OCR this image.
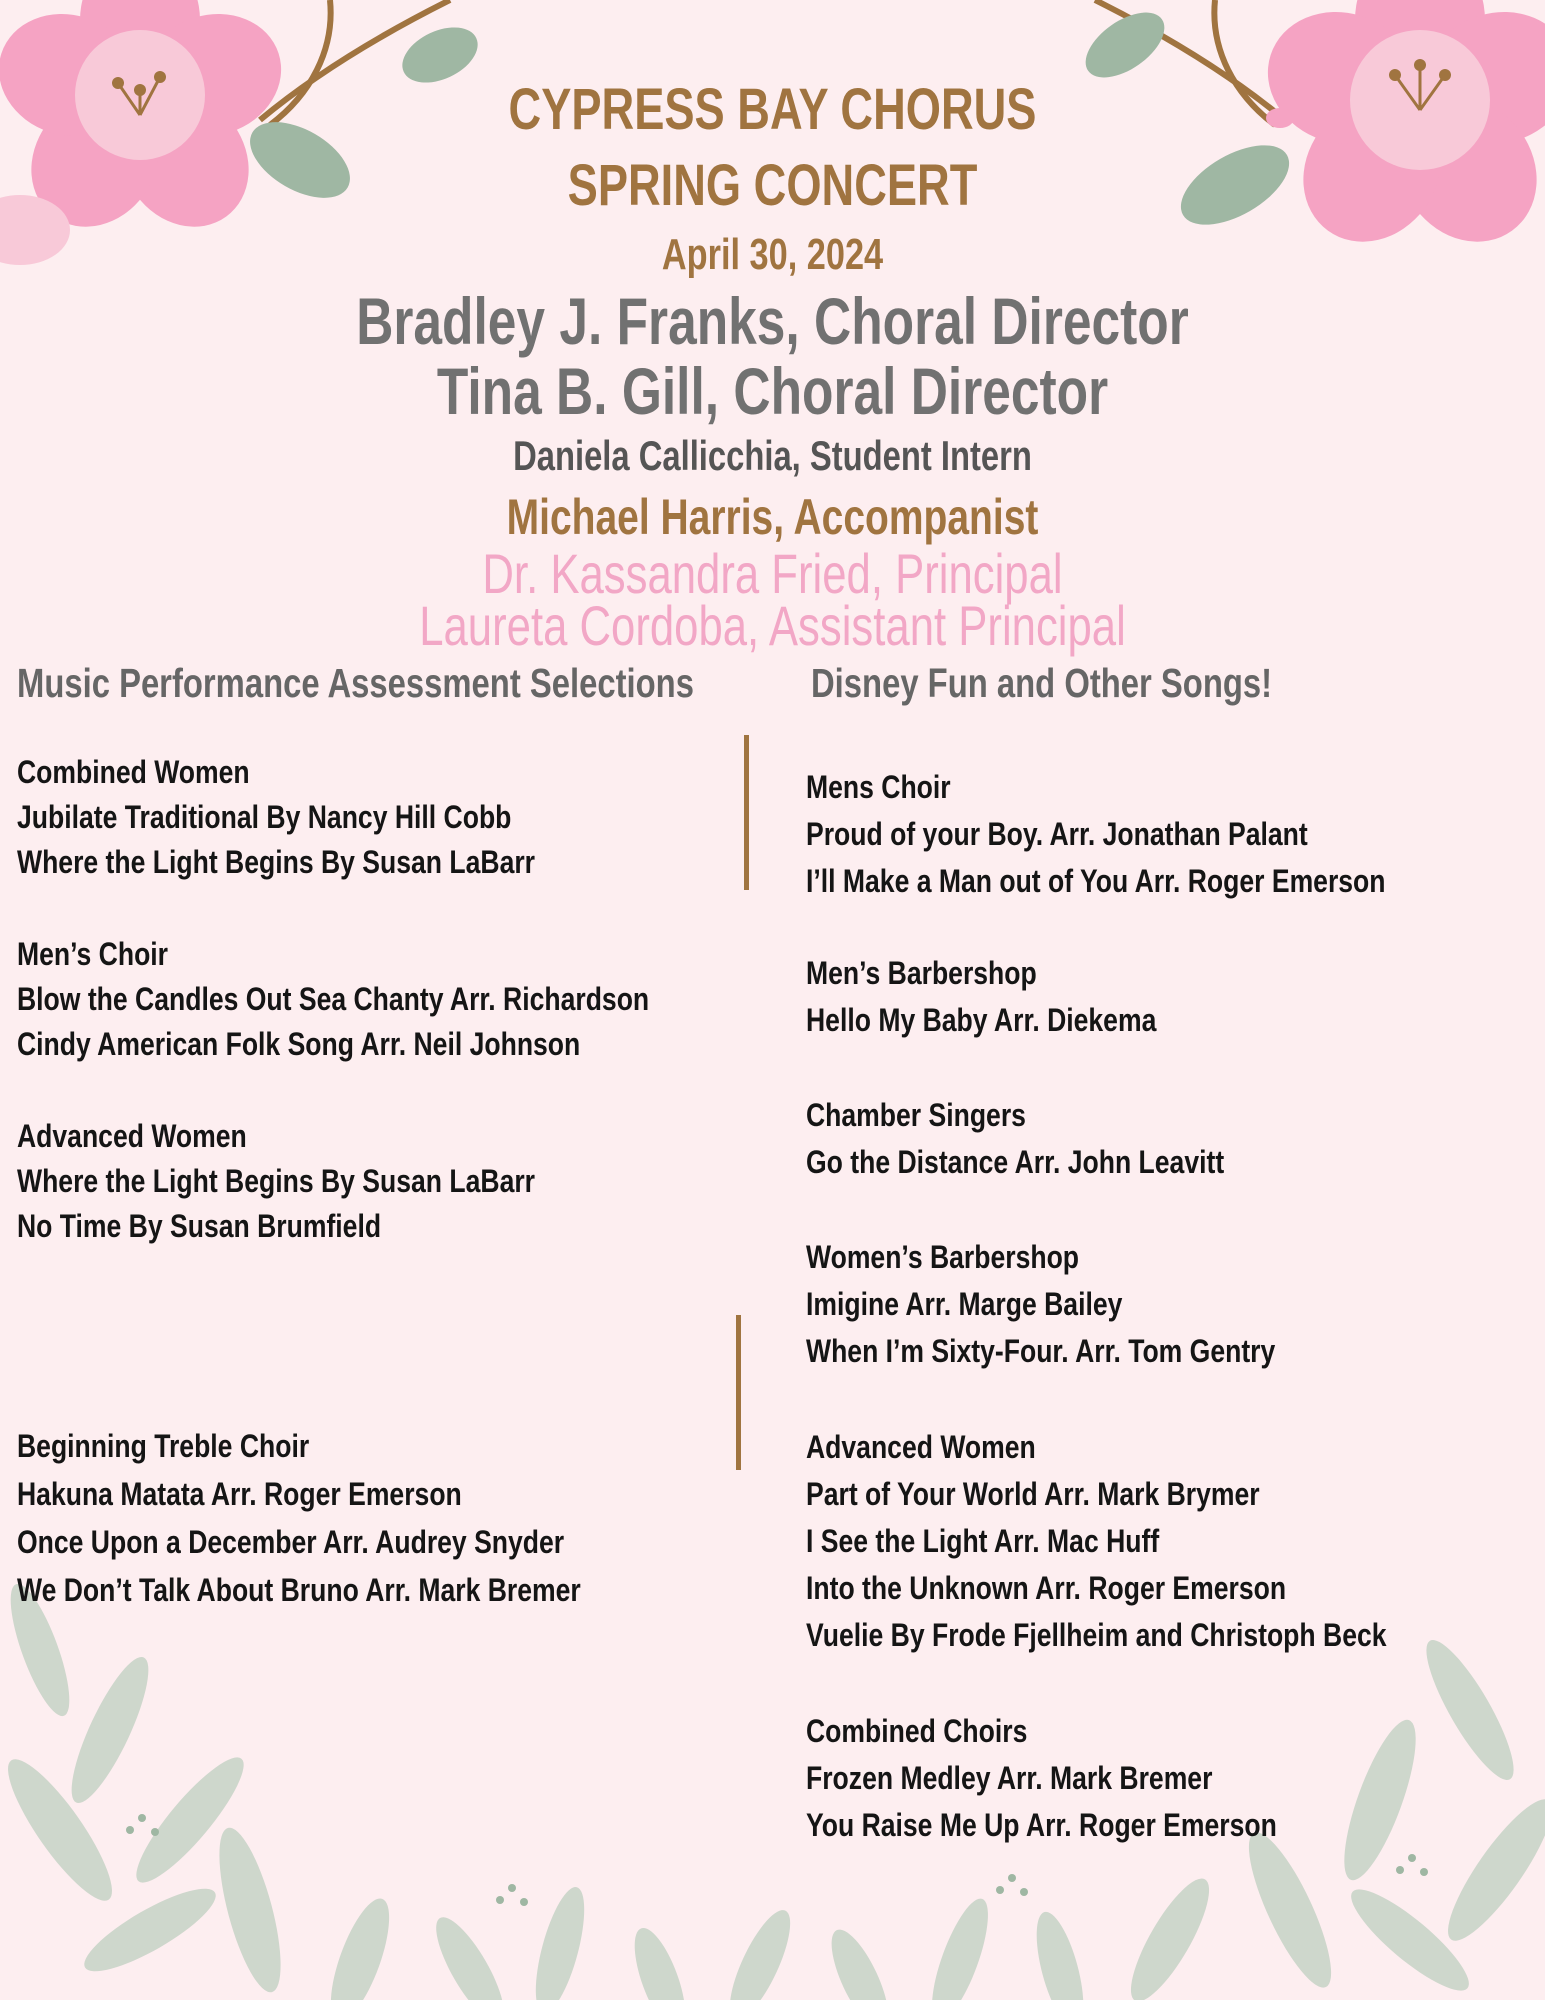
CYPRESS BAY CHORUS
SPRING CONCERT
April 30, 2024
Bradley J. Franks, Choral Director
Tina B. Gill, Choral Director
Daniela Callicchia, Student Intern
Michael Harris, Accompanist
Dr. Kassandra Fried, Principal
Laureta Cordoba, Assistant Principal
Music Performance Assessment Selections	Disney Fun and Other Songs!
Combined Women
Jubilate Traditional By Nancy Hill Cobb
Where the Light Begins By Susan LaBarr
Men’s Choir
Blow the Candles Out Sea Chanty Arr. Richardson
Cindy American Folk Song Arr. Neil Johnson
Advanced Women
Where the Light Begins By Susan LaBarr
No Time By Susan Brumfield
Beginning Treble Choir
Hakuna Matata Arr. Roger Emerson
Once Upon a December Arr. Audrey Snyder
We Don’t Talk About Bruno Arr. Mark Bremer
Mens Choir
Proud of your Boy. Arr. Jonathan Palant
I’ll Make a Man out of You Arr. Roger Emerson
Men’s Barbershop
Hello My Baby Arr. Diekema
Chamber Singers
Go the Distance Arr. John Leavitt
Women’s Barbershop
Imigine Arr. Marge Bailey
When I’m Sixty-Four. Arr. Tom Gentry
Advanced Women
Part of Your World Arr. Mark Brymer
I See the Light Arr. Mac Huff
Into the Unknown Arr. Roger Emerson
Vuelie By Frode Fjellheim and Christoph Beck
Combined Choirs
Frozen Medley Arr. Mark Bremer
You Raise Me Up Arr. Roger Emerson
